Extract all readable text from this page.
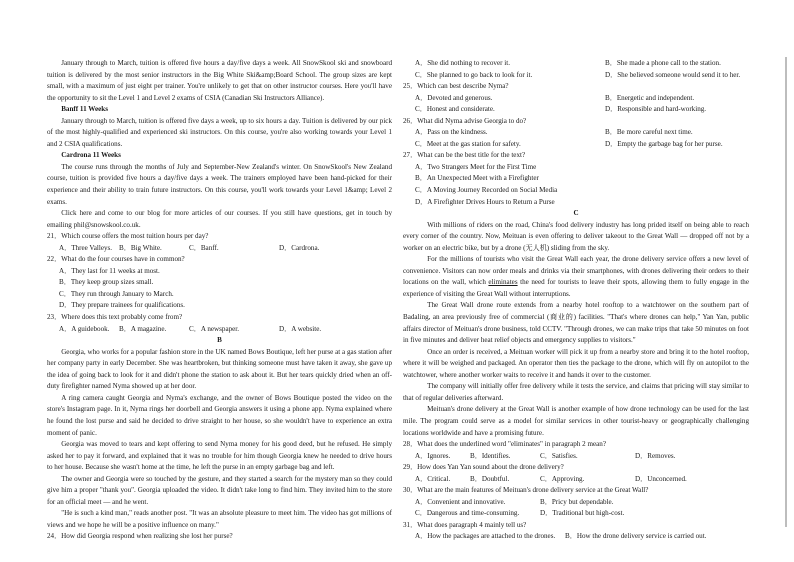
January through to March, tuition is offered five hours a day/five days a week. All SnowSkool ski and snowboard tuition is delivered by the most senior instructors in the Big White Ski&amp;Board School. The group sizes are kept small, with a maximum of just eight per trainer. You're unlikely to get that on other instructor courses. Here you'll have the opportunity to sit the Level 1 and Level 2 exams of CSIA (Canadian Ski Instructors Alliance).

Banff 11 Weeks

January through to March, tuition is offered five days a week, up to six hours a day. Tuition is delivered by our pick of the most highly-qualified and experienced ski instructors. On this course, you're also working towards your Level 1 and 2 CSIA qualifications.

Cardrona 11 Weeks

The course runs through the months of July and September-New Zealand's winter. On SnowSkool's New Zealand course, tuition is provided five hours a day/five days a week. The trainers employed have been hand-picked for their experience and their ability to train future instructors. On this course, you'll work towards your Level 1&amp; Level 2 exams.

Click here and come to our blog for more articles of our courses. If you still have questions, get in touch by emailing phil@snowskool.co.uk.

21．Which course offers the most tuition hours per day?

A．Three Valleys. B．Big White.	C．Banff.	D．Cardrona.

22．What do the four courses have in common?

A．They last for 11 weeks at most.
B．They keep group sizes small.
C．They run through January to March.
D．They prepare trainees for qualifications.

23．Where does this text probably come from?

A．A guidebook.	B．A magazine.	C．A newspaper.	D．A website.

B

Georgia, who works for a popular fashion store in the UK named Bows Boutique, left her purse at a gas station after her company party in early December. She was heartbroken, but thinking someone must have taken it away, she gave up the idea of going back to look for it and didn't phone the station to ask about it. But her tears quickly dried when an off-duty firefighter named Nyma showed up at her door.

A ring camera caught Georgia and Nyma's exchange, and the owner of Bows Boutique posted the video on the store's Instagram page. In it, Nyma rings her doorbell and Georgia answers it using a phone app. Nyma explained where he found the lost purse and said he decided to drive straight to her house, so she wouldn't have to experience an extra moment of panic.

Georgia was moved to tears and kept offering to send Nyma money for his good deed, but he refused. He simply asked her to pay it forward, and explained that it was no trouble for him though Georgia knew he needed to drive hours to her house. Because she wasn't home at the time, he left the purse in an empty garbage bag and left.

The owner and Georgia were so touched by the gesture, and they started a search for the mystery man so they could give him a proper "thank you". Georgia uploaded the video. It didn't take long to find him. They invited him to the store for an official meet — and he went.

"He is such a kind man," reads another post. "It was an absolute pleasure to meet him. The video has got millions of views and we hope he will be a positive influence on many."

24．How did Georgia respond when realizing she lost her purse?

A．She did nothing to recover it.	B．She made a phone call to the station.
C．She planned to go back to look for it.	D．She believed someone would send it to her.

25．Which can best describe Nyma?

A．Devoted and generous.	B．Energetic and independent.
C．Honest and considerate.	D．Responsible and hard-working.

26．What did Nyma advise Georgia to do?

A．Pass on the kindness.	B．Be more careful next time.
C．Meet at the gas station for safety.	D．Empty the garbage bag for her purse.

27．What can be the best title for the text?

A．Two Strangers Meet for the First Time
B．An Unexpected Meet with a Firefighter
C．A Moving Journey Recorded on Social Media
D．A Firefighter Drives Hours to Return a Purse

C

With millions of riders on the road, China's food delivery industry has long prided itself on being able to reach every corner of the country. Now, Meituan is even offering to deliver takeout to the Great Wall — dropped off not by a worker on an electric bike, but by a drone (无人机) sliding from the sky.

For the millions of tourists who visit the Great Wall each year, the drone delivery service offers a new level of convenience. Visitors can now order meals and drinks via their smartphones, with drones delivering their orders to their locations on the wall, which eliminates the need for tourists to leave their spots, allowing them to fully engage in the experience of visiting the Great Wall without interruptions.

The Great Wall drone route extends from a nearby hotel rooftop to a watchtower on the southern part of Badaling, an area previously free of commercial (商业的) facilities. "That's where drones can help," Yan Yan, public affairs director of Meituan's drone business, told CCTV. "Through drones, we can make trips that take 50 minutes on foot in five minutes and deliver heat relief objects and emergency supplies to visitors."

Once an order is received, a Meituan worker will pick it up from a nearby store and bring it to the hotel rooftop, where it will be weighed and packaged. An operator then ties the package to the drone, which will fly on autopilot to the watchtower, where another worker waits to receive it and hands it over to the customer.

The company will initially offer free delivery while it tests the service, and claims that pricing will stay similar to that of regular deliveries afterward.

Meituan's drone delivery at the Great Wall is another example of how drone technology can be used for the last mile. The program could serve as a model for similar services in other tourist-heavy or geographically challenging locations worldwide and have a promising future.

28．What does the underlined word "eliminates" in paragraph 2 mean?

A．Ignores.	B．Identifies.	C．Satisfies.	D．Removes.

29．How does Yan Yan sound about the drone delivery?

A．Critical.	B．Doubtful.	C．Approving.	D．Unconcerned.

30．What are the main features of Meituan's drone delivery service at the Great Wall?

A．Convenient and innovative.	B．Pricy but dependable.
C．Dangerous and time-consuming.	D．Traditional but high-cost.

31．What does paragraph 4 mainly tell us?

A．How the packages are attached to the drones.	B．How the drone delivery service is carried out.
